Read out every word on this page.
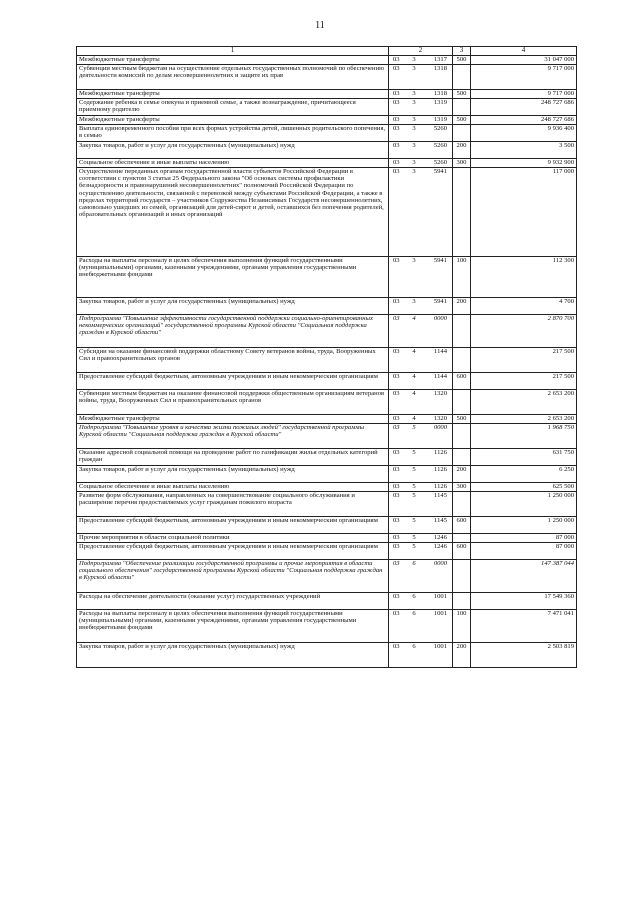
11
1	2	3	4
Межбюджетные трансферты	03 3 1317	500	31 047 000
Субвенции местным бюджетам на осуществление отдельных государственных полномочий по обеспечению деятельности комиссий по делам несовершеннолетних и защите их прав	03 3 1318		9 717 000
Межбюджетные трансферты	03 3 1318	500	9 717 000
Содержание ребенка в семье опекуна и приемной семье, а также вознаграждение, причитающееся приемному родителю	03 3 1319		248 727 686
Межбюджетные трансферты	03 3 1319	500	248 727 686
Выплата единовременного пособия при всех формах устройства детей, лишенных родительского попечения, в семью	03 3 5260		9 936 400
Закупка товаров, работ и услуг для государственных (муниципальных) нужд	03 3 5260	200	3 500
Социальное обеспечение и иные выплаты населению	03 3 5260	300	9 932 900
Осуществление переданных органам государственной власти субъектов Российской Федерации в соответствии с пунктом 3 статьи 25 Федерального закона "Об основах системы профилактики безнадзорности и правонарушений несовершеннолетних" полномочий Российской Федерации по осуществлению деятельности, связанной с перевозкой между субъектами Российской Федерации, а также в пределах территорий государств – участников Содружества Независимых Государств несовершеннолетних, самовольно ушедших из семей, организаций для детей-сирот и детей, оставшихся без попечения родителей, образовательных организаций и иных организаций	03 3 5941		117 000
Расходы на выплаты персоналу в целях обеспечения выполнения функций государственными (муниципальными) органами, казенными учреждениями, органами управления государственными внебюджетными фондами	03 3 5941	100	112 300
Закупка товаров, работ и услуг для государственных (муниципальных) нужд	03 3 5941	200	4 700
Подпрограмма "Повышение эффективности государственной поддержки социально-ориентированных некоммерческих организаций" государственной программы Курской области "Социальная поддержка граждан в Курской области"	03 4 0000		2 870 700
Субсидии на оказание финансовой поддержки областному Совету ветеранов войны, труда, Вооруженных Сил и правоохранительных органов	03 4 1144		217 500
Предоставление субсидий бюджетным, автономным учреждениям и иным некоммерческим организациям	03 4 1144	600	217 500
Субвенции местным бюджетам на оказание финансовой поддержки общественным организациям ветеранов войны, труда, Вооруженных Сил и правоохранительных органов	03 4 1320		2 653 200
Межбюджетные трансферты	03 4 1320	500	2 653 200
Подпрограмма "Повышение уровня и качества жизни пожилых людей" государственной программы Курской области "Социальная поддержка граждан в Курской области"	03 5 0000		1 968 750
Оказание адресной социальной помощи на проведение работ по газификации жилья отдельных категорий граждан	03 5 1126		631 750
Закупка товаров, работ и услуг для государственных (муниципальных) нужд	03 5 1126	200	6 250
Социальное обеспечение и иные выплаты населению	03 5 1126	300	625 500
Развитие форм обслуживания, направленных на совершенствование социального обслуживания и расширение перечня предоставляемых услуг гражданам пожилого возраста	03 5 1145		1 250 000
Предоставление субсидий бюджетным, автономным учреждениям и иным некоммерческим организациям	03 5 1145	600	1 250 000
Прочие мероприятия в области социальной политики	03 5 1246		87 000
Предоставление субсидий бюджетным, автономным учреждениям и иным некоммерческим организациям	03 5 1246	600	87 000
Подпрограмма "Обеспечение реализации государственной программы и прочие мероприятия в области социального обеспечения" государственной программы Курской области "Социальная поддержка граждан в Курской области"	03 6 0000		147 387 044
Расходы на обеспечение деятельности (оказание услуг) государственных учреждений	03 6 1001		17 549 360
Расходы на выплаты персоналу в целях обеспечения выполнения функций государственными (муниципальными) органами, казенными учреждениями, органами управления государственными внебюджетными фондами	03 6 1001	100	7 471 041
Закупка товаров, работ и услуг для государственных (муниципальных) нужд	03 6 1001	200	2 503 819
